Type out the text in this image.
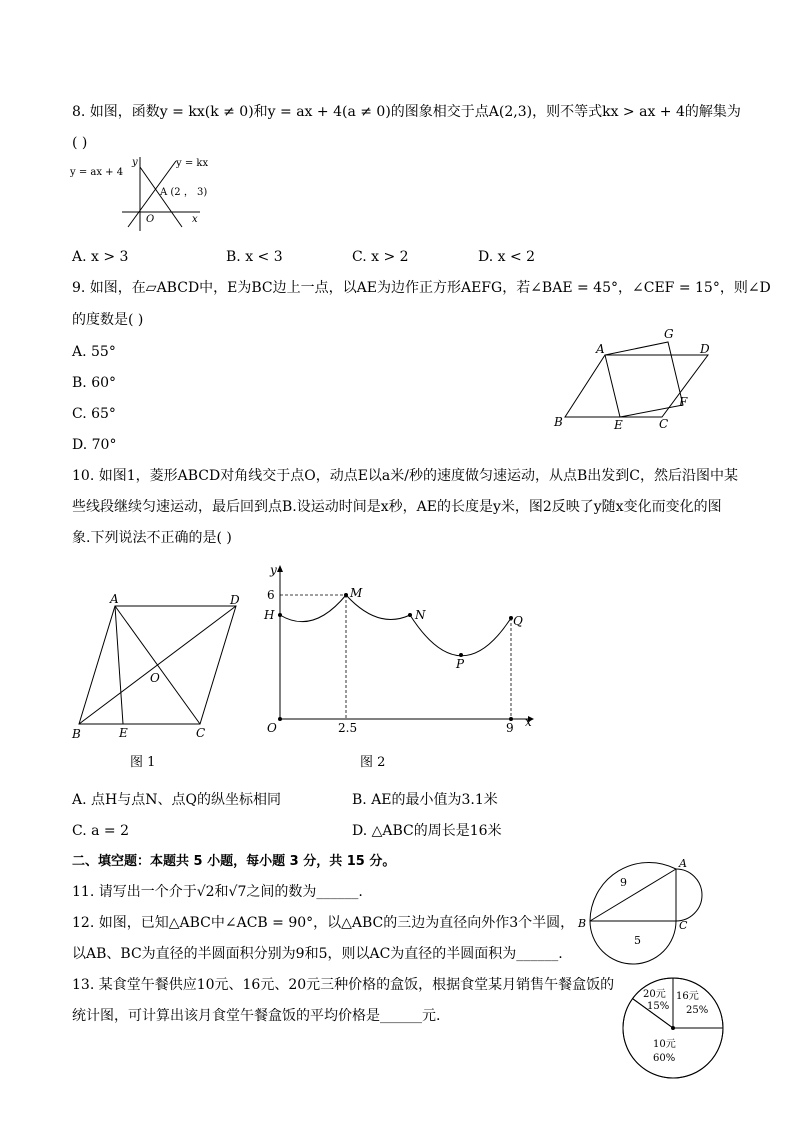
8. 如图，函数y = kx(k ≠ 0)和y = ax + 4(a ≠ 0)的图象相交于点A(2,3)，则不等式kx > ax + 4的解集为
( )
y = ax + 4
y = kx
y
x
O
A (2 ， 3)
A. x > 3	B. x < 3	C. x > 2	D. x < 2
9. 如图，在▱ABCD中，E为BC边上一点，以AE为边作正方形AEFG，若∠BAE = 45°，∠CEF = 15°，则∠D
的度数是( )
A. 55°
B. 60°
C. 65°
D. 70°
A
G
D
F
B	E	C
10. 如图1，菱形ABCD对角线交于点O，动点E以a米/秒的速度做匀速运动，从点B出发到C，然后沿图中某
些线段继续匀速运动，最后回到点B.设运动时间是x秒，AE的长度是y米，图2反映了y随x变化而变化的图
象.下列说法不正确的是( )
A	D
O
B	E	C
图 1
y
x
6
H
M
N
P
Q
O	2.5	9
图 2
A. 点H与点N、点Q的纵坐标相同	B. AE的最小值为3.1米
C. a = 2	D. △ABC的周长是16米
二、填空题：本题共 5 小题，每小题 3 分，共 15 分。
11. 请写出一个介于√2和√7之间的数为______.
12. 如图，已知△ABC中∠ACB = 90°，以△ABC的三边为直径向外作3个半圆，
以AB、BC为直径的半圆面积分别为9和5，则以AC为直径的半圆面积为______.
A
B	C
9
5
13. 某食堂午餐供应10元、16元、20元三种价格的盒饭，根据食堂某月销售午餐盒饭的
统计图，可计算出该月食堂午餐盒饭的平均价格是______元.
20元
15%
16元
25%
10元
60%
